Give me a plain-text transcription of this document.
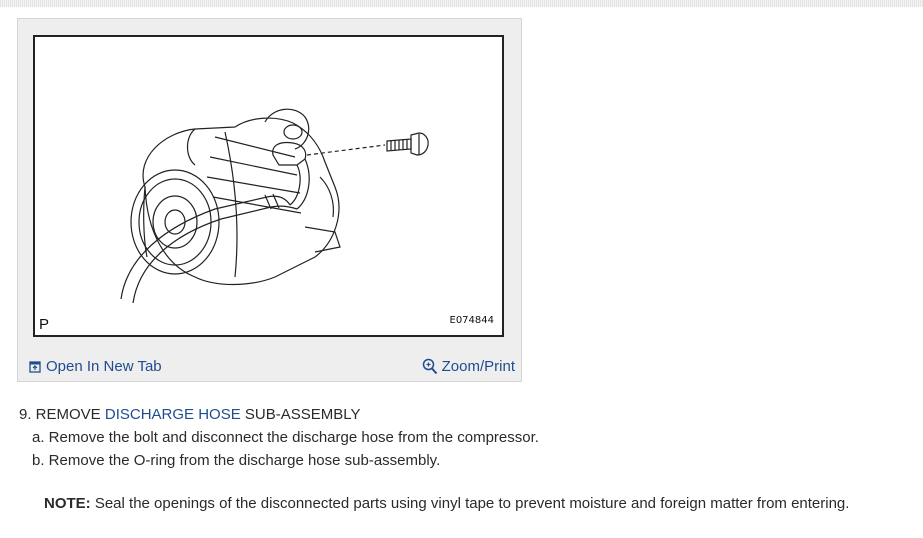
P	E074844
Open In New Tab	Zoom/Print
9. REMOVE DISCHARGE HOSE SUB-ASSEMBLY
a. Remove the bolt and disconnect the discharge hose from the compressor.
b. Remove the O-ring from the discharge hose sub-assembly.
NOTE: Seal the openings of the disconnected parts using vinyl tape to prevent moisture and foreign matter from entering.
